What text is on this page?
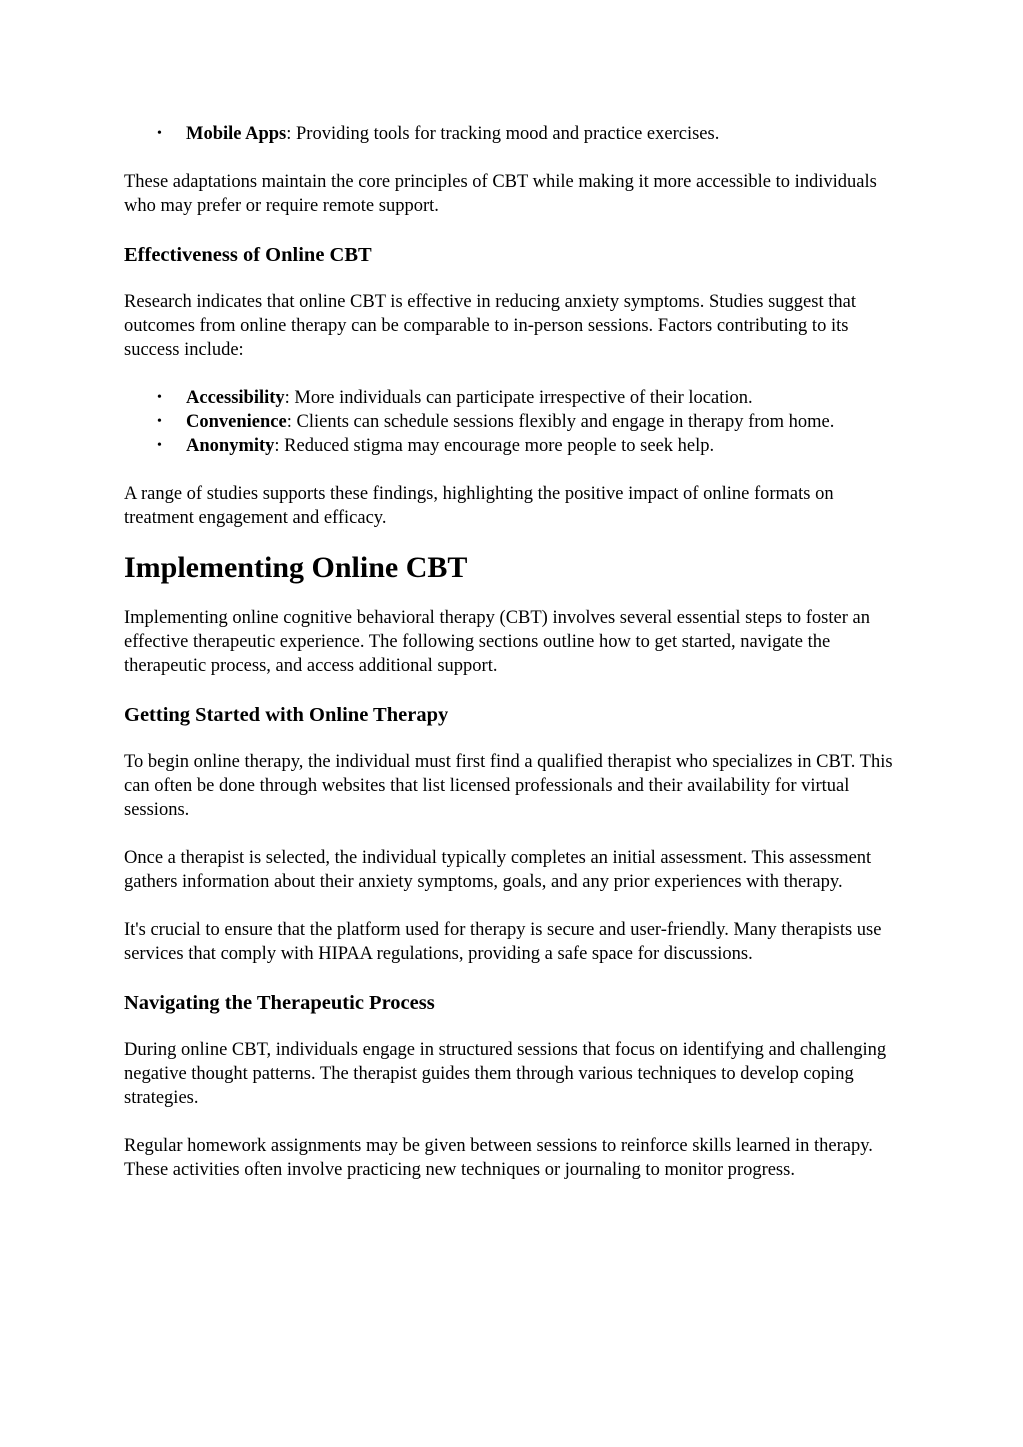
• Mobile Apps: Providing tools for tracking mood and practice exercises.

These adaptations maintain the core principles of CBT while making it more accessible to individuals who may prefer or require remote support.

Effectiveness of Online CBT

Research indicates that online CBT is effective in reducing anxiety symptoms. Studies suggest that outcomes from online therapy can be comparable to in-person sessions. Factors contributing to its success include:

• Accessibility: More individuals can participate irrespective of their location.
• Convenience: Clients can schedule sessions flexibly and engage in therapy from home.
• Anonymity: Reduced stigma may encourage more people to seek help.

A range of studies supports these findings, highlighting the positive impact of online formats on treatment engagement and efficacy.

Implementing Online CBT

Implementing online cognitive behavioral therapy (CBT) involves several essential steps to foster an effective therapeutic experience. The following sections outline how to get started, navigate the therapeutic process, and access additional support.

Getting Started with Online Therapy

To begin online therapy, the individual must first find a qualified therapist who specializes in CBT. This can often be done through websites that list licensed professionals and their availability for virtual sessions.

Once a therapist is selected, the individual typically completes an initial assessment. This assessment gathers information about their anxiety symptoms, goals, and any prior experiences with therapy.

It's crucial to ensure that the platform used for therapy is secure and user-friendly. Many therapists use services that comply with HIPAA regulations, providing a safe space for discussions.

Navigating the Therapeutic Process

During online CBT, individuals engage in structured sessions that focus on identifying and challenging negative thought patterns. The therapist guides them through various techniques to develop coping strategies.

Regular homework assignments may be given between sessions to reinforce skills learned in therapy. These activities often involve practicing new techniques or journaling to monitor progress.
